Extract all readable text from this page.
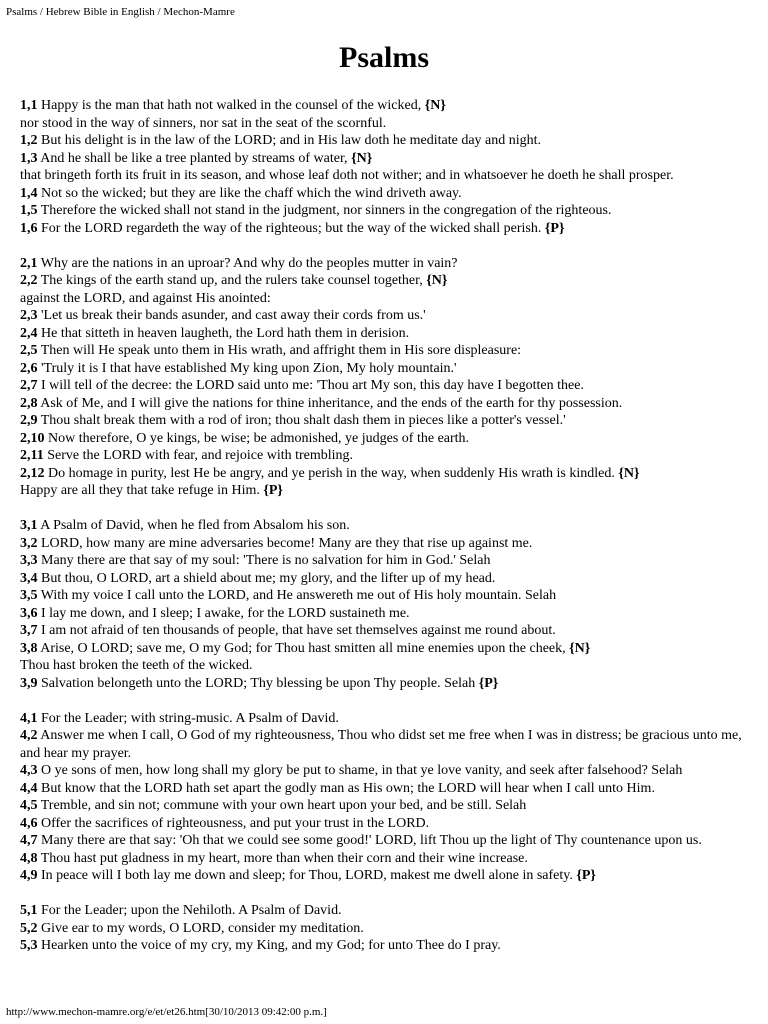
Psalms / Hebrew Bible in English / Mechon-Mamre
Psalms
1,1 Happy is the man that hath not walked in the counsel of the wicked, {N}
nor stood in the way of sinners, nor sat in the seat of the scornful.
1,2 But his delight is in the law of the LORD; and in His law doth he meditate day and night.
1,3 And he shall be like a tree planted by streams of water, {N}
that bringeth forth its fruit in its season, and whose leaf doth not wither; and in whatsoever he doeth he shall prosper.
1,4 Not so the wicked; but they are like the chaff which the wind driveth away.
1,5 Therefore the wicked shall not stand in the judgment, nor sinners in the congregation of the righteous.
1,6 For the LORD regardeth the way of the righteous; but the way of the wicked shall perish. {P}
2,1 Why are the nations in an uproar? And why do the peoples mutter in vain?
2,2 The kings of the earth stand up, and the rulers take counsel together, {N}
against the LORD, and against His anointed:
2,3 'Let us break their bands asunder, and cast away their cords from us.'
2,4 He that sitteth in heaven laugheth, the Lord hath them in derision.
2,5 Then will He speak unto them in His wrath, and affright them in His sore displeasure:
2,6 'Truly it is I that have established My king upon Zion, My holy mountain.'
2,7 I will tell of the decree: the LORD said unto me: 'Thou art My son, this day have I begotten thee.
2,8 Ask of Me, and I will give the nations for thine inheritance, and the ends of the earth for thy possession.
2,9 Thou shalt break them with a rod of iron; thou shalt dash them in pieces like a potter's vessel.'
2,10 Now therefore, O ye kings, be wise; be admonished, ye judges of the earth.
2,11 Serve the LORD with fear, and rejoice with trembling.
2,12 Do homage in purity, lest He be angry, and ye perish in the way, when suddenly His wrath is kindled. {N}
Happy are all they that take refuge in Him. {P}
3,1 A Psalm of David, when he fled from Absalom his son.
3,2 LORD, how many are mine adversaries become! Many are they that rise up against me.
3,3 Many there are that say of my soul: 'There is no salvation for him in God.' Selah
3,4 But thou, O LORD, art a shield about me; my glory, and the lifter up of my head.
3,5 With my voice I call unto the LORD, and He answereth me out of His holy mountain. Selah
3,6 I lay me down, and I sleep; I awake, for the LORD sustaineth me.
3,7 I am not afraid of ten thousands of people, that have set themselves against me round about.
3,8 Arise, O LORD; save me, O my God; for Thou hast smitten all mine enemies upon the cheek, {N}
Thou hast broken the teeth of the wicked.
3,9 Salvation belongeth unto the LORD; Thy blessing be upon Thy people. Selah {P}
4,1 For the Leader; with string-music. A Psalm of David.
4,2 Answer me when I call, O God of my righteousness, Thou who didst set me free when I was in distress; be gracious unto me, and hear my prayer.
4,3 O ye sons of men, how long shall my glory be put to shame, in that ye love vanity, and seek after falsehood? Selah
4,4 But know that the LORD hath set apart the godly man as His own; the LORD will hear when I call unto Him.
4,5 Tremble, and sin not; commune with your own heart upon your bed, and be still. Selah
4,6 Offer the sacrifices of righteousness, and put your trust in the LORD.
4,7 Many there are that say: 'Oh that we could see some good!' LORD, lift Thou up the light of Thy countenance upon us.
4,8 Thou hast put gladness in my heart, more than when their corn and their wine increase.
4,9 In peace will I both lay me down and sleep; for Thou, LORD, makest me dwell alone in safety. {P}
5,1 For the Leader; upon the Nehiloth. A Psalm of David.
5,2 Give ear to my words, O LORD, consider my meditation.
5,3 Hearken unto the voice of my cry, my King, and my God; for unto Thee do I pray.
http://www.mechon-mamre.org/e/et/et26.htm[30/10/2013 09:42:00 p.m.]
